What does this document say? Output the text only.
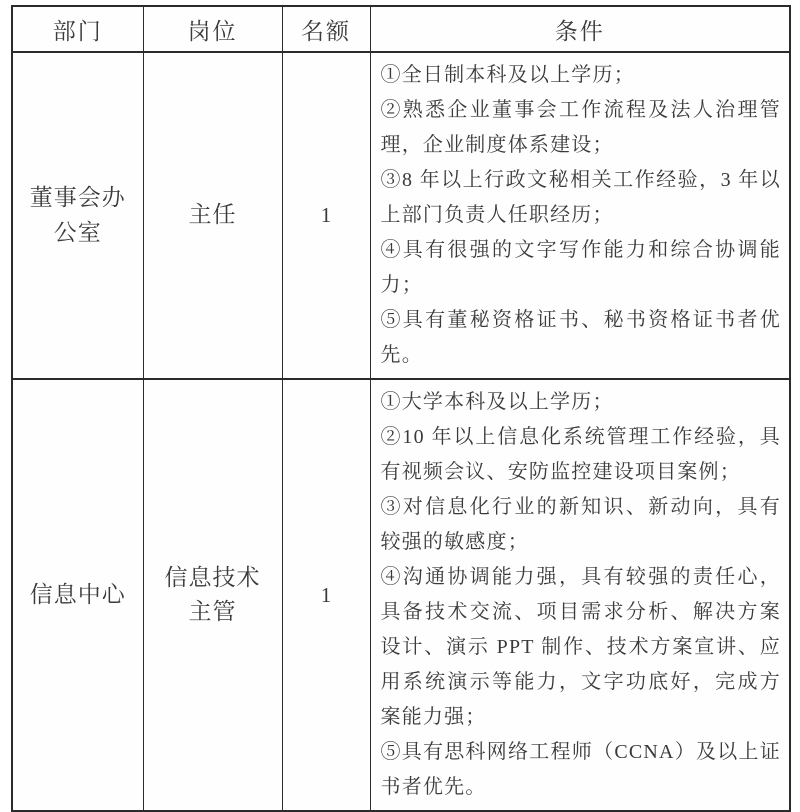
部门	岗位	名额	条件
董事会办公室	主任	1	①全日制本科及以上学历；

②熟悉企业董事会工作流程及法人治理管理，企业制度体系建设；

③8 年以上行政文秘相关工作经验，3 年以上部门负责人任职经历；

④具有很强的文字写作能力和综合协调能力；

⑤具有董秘资格证书、秘书资格证书者优先。

信息中心	信息技术主管	1	①大学本科及以上学历；

②10 年以上信息化系统管理工作经验，具有视频会议、安防监控建设项目案例；

③对信息化行业的新知识、新动向，具有较强的敏感度；

④沟通协调能力强，具有较强的责任心，具备技术交流、项目需求分析、解决方案设计、演示 PPT 制作、技术方案宣讲、应用系统演示等能力，文字功底好，完成方案能力强；

⑤具有思科网络工程师（CCNA）及以上证书者优先。
